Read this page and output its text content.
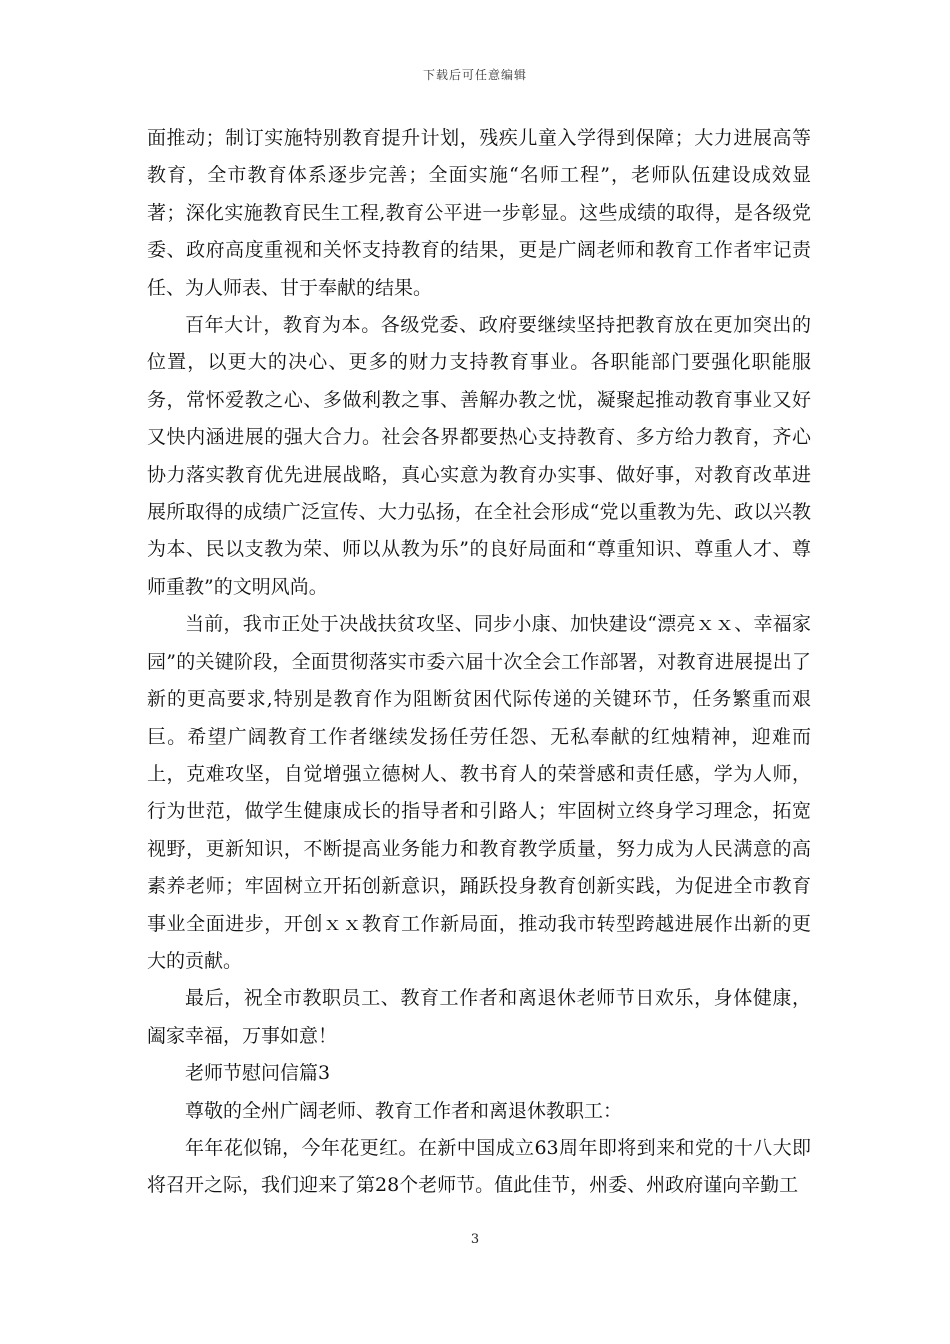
下载后可任意编辑

面推动；制订实施特别教育提升计划，残疾儿童入学得到保障；大力进展高等教育，全市教育体系逐步完善；全面实施“名师工程”，老师队伍建设成效显著；深化实施教育民生工程,教育公平进一步彰显。这些成绩的取得，是各级党委、政府高度重视和关怀支持教育的结果，更是广阔老师和教育工作者牢记责任、为人师表、甘于奉献的结果。

百年大计，教育为本。各级党委、政府要继续坚持把教育放在更加突出的位置，以更大的决心、更多的财力支持教育事业。各职能部门要强化职能服务，常怀爱教之心、多做利教之事、善解办教之忧，凝聚起推动教育事业又好又快内涵进展的强大合力。社会各界都要热心支持教育、多方给力教育，齐心协力落实教育优先进展战略，真心实意为教育办实事、做好事，对教育改革进展所取得的成绩广泛宣传、大力弘扬，在全社会形成“党以重教为先、政以兴教为本、民以支教为荣、师以从教为乐”的良好局面和“尊重知识、尊重人才、尊师重教”的文明风尚。

当前，我市正处于决战扶贫攻坚、同步小康、加快建设“漂亮ｘｘ、幸福家园”的关键阶段，全面贯彻落实市委六届十次全会工作部署，对教育进展提出了新的更高要求,特别是教育作为阻断贫困代际传递的关键环节，任务繁重而艰巨。希望广阔教育工作者继续发扬任劳任怨、无私奉献的红烛精神，迎难而上，克难攻坚，自觉增强立德树人、教书育人的荣誉感和责任感，学为人师，行为世范，做学生健康成长的指导者和引路人；牢固树立终身学习理念，拓宽视野，更新知识，不断提高业务能力和教育教学质量，努力成为人民满意的高素养老师；牢固树立开拓创新意识，踊跃投身教育创新实践，为促进全市教育事业全面进步，开创ｘｘ教育工作新局面，推动我市转型跨越进展作出新的更大的贡献。

最后，祝全市教职员工、教育工作者和离退休老师节日欢乐，身体健康，阖家幸福，万事如意！

老师节慰问信篇3

尊敬的全州广阔老师、教育工作者和离退休教职工：

年年花似锦，今年花更红。在新中国成立63周年即将到来和党的十八大即将召开之际，我们迎来了第28个老师节。值此佳节，州委、州政府谨向辛勤工

3
